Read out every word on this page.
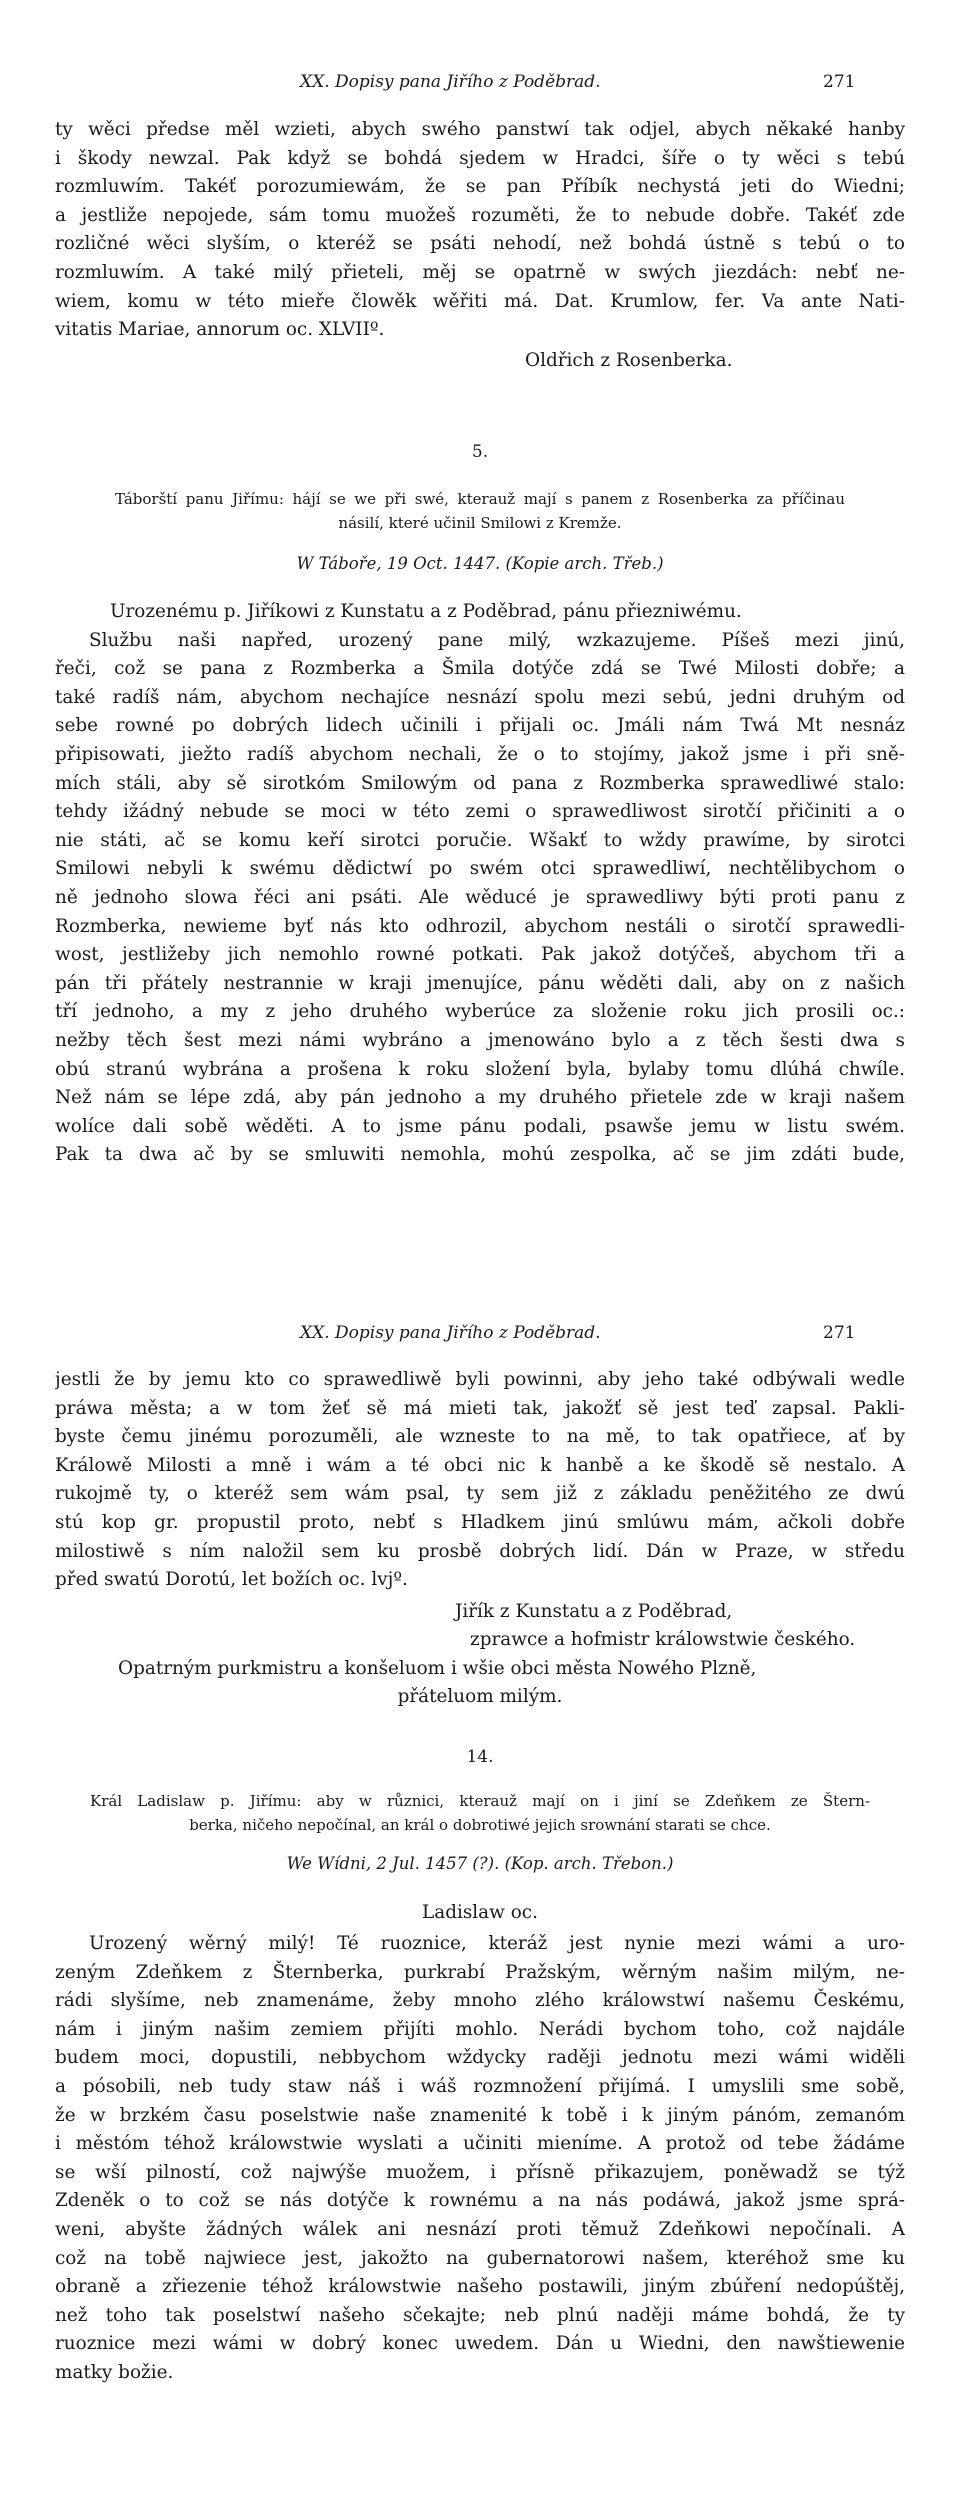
XX. Dopisy pana Jiřího z Poděbrad.	271
ty wěci předse měl wzieti, abych swého panstwí tak odjel, abych někaké hanby
i škody newzal. Pak když se bohdá sjedem w Hradci, šíře o ty wěci s tebú
rozmluwím. Takéť porozumiewám, že se pan Příbík nechystá jeti do Wiedni;
a jestliže nepojede, sám tomu muožeš rozuměti, že to nebude dobře. Takéť zde
rozličné wěci slyším, o kteréž se psáti nehodí, než bohdá ústně s tebú o to
rozmluwím. A také milý přieteli, měj se opatrně w swých jiezdách: nebť ne-
wiem, komu w této mieře člowěk wěřiti má. Dat. Krumlow, fer. Va ante Nati-
vitatis Mariae, annorum oc. XLVIIº.
Oldřich z Rosenberka.
5.
Táborští panu Jiřímu: hájí se we při swé, kterauž mají s panem z Rosenberka za příčinau
násilí, které učinil Smilowi z Kremže.
W Táboře, 19 Oct. 1447. (Kopie arch. Třeb.)
Urozenému p. Jiříkowi z Kunstatu a z Poděbrad, pánu přiezniwému.
Službu naši napřed, urozený pane milý, wzkazujeme. Píšeš mezi jinú,
řeči, což se pana z Rozmberka a Šmila dotýče zdá se Twé Milosti dobře; a
také radíš nám, abychom nechajíce nesnází spolu mezi sebú, jedni druhým od
sebe rowné po dobrých lidech učinili i přijali oc. Jmáli nám Twá Mt nesnáz
připisowati, jiežto radíš abychom nechali, že o to stojímy, jakož jsme i při sně-
mích stáli, aby sě sirotkóm Smilowým od pana z Rozmberka sprawedliwé stalo:
tehdy ižádný nebude se moci w této zemi o sprawedliwost sirotčí přičiniti a o
nie státi, ač se komu keří sirotci poručie. Wšakť to wždy prawíme, by sirotci
Smilowi nebyli k swému dědictwí po swém otci sprawedliwí, nechtělibychom o
ně jednoho slowa řéci ani psáti. Ale wěducé je sprawedliwy býti proti panu z
Rozmberka, newieme byť nás kto odhrozil, abychom nestáli o sirotčí sprawedli-
wost, jestližeby jich nemohlo rowné potkati. Pak jakož dotýčeš, abychom tři a
pán tři přátely nestrannie w kraji jmenujíce, pánu wěděti dali, aby on z našich
tří jednoho, a my z jeho druhého wyberúce za složenie roku jich prosili oc.:
nežby těch šest mezi námi wybráno a jmenowáno bylo a z těch šesti dwa s
obú stranú wybrána a prošena k roku složení byla, bylaby tomu dlúhá chwíle.
Než nám se lépe zdá, aby pán jednoho a my druhého přietele zde w kraji našem
wolíce dali sobě wěděti. A to jsme pánu podali, psawše jemu w listu swém.
Pak ta dwa ač by se smluwiti nemohla, mohú zespolka, ač se jim zdáti bude,
XX. Dopisy pana Jiřího z Poděbrad.	271
jestli že by jemu kto co sprawedliwě byli powinni, aby jeho také odbýwali wedle
práwa města; a w tom žeť sě má mieti tak, jakožť sě jest teď zapsal. Pakli-
byste čemu jinému porozuměli, ale wzneste to na mě, to tak opatřiece, ať by
Králowě Milosti a mně i wám a té obci nic k hanbě a ke škodě sě nestalo. A
rukojmě ty, o kteréž sem wám psal, ty sem již z základu peněžitého ze dwú
stú kop gr. propustil proto, nebť s Hladkem jinú smlúwu mám, ačkoli dobře
milostiwě s ním naložil sem ku prosbě dobrých lidí. Dán w Praze, w středu
před swatú Dorotú, let božích oc. lvjº.
Jiřík z Kunstatu a z Poděbrad,
zprawce a hofmistr králowstwie českého.
Opatrným purkmistru a konšeluom i wšie obci města Nowého Plzně,
přáteluom milým.
14.
Král Ladislaw p. Jiřímu: aby w různici, kterauž mají on i jiní se Zdeňkem ze Štern-
berka, ničeho nepočínal, an král o dobrotiwé jejich srownání starati se chce.
We Wídni, 2 Jul. 1457 (?). (Kop. arch. Třebon.)
Ladislaw oc.
Urozený wěrný milý! Té ruoznice, kteráž jest nynie mezi wámi a uro-
zeným Zdeňkem z Šternberka, purkrabí Pražským, wěrným našim milým, ne-
rádi slyšíme, neb znamenáme, žeby mnoho zlého králowstwí našemu Českému,
nám i jiným našim zemiem přijíti mohlo. Nerádi bychom toho, což najdále
budem moci, dopustili, nebbychom wždycky raději jednotu mezi wámi widěli
a pósobili, neb tudy staw náš i wáš rozmnožení přijímá. I umyslili sme sobě,
že w brzkém času poselstwie naše znamenité k tobě i k jiným pánóm, zemanóm
i městóm téhož králowstwie wyslati a učiniti mieníme. A protož od tebe žádáme
se wší pilností, což najwýše muožem, i přísně přikazujem, poněwadž se týž
Zdeněk o to což se nás dotýče k rownému a na nás podáwá, jakož jsme sprá-
weni, abyšte žádných wálek ani nesnází proti těmuž Zdeňkowi nepočínali. A
což na tobě najwiece jest, jakožto na gubernatorowi našem, kteréhož sme ku
obraně a zřiezenie téhož králowstwie našeho postawili, jiným zbúření nedopúštěj,
než toho tak poselstwí našeho sčekajte; neb plnú naději máme bohdá, že ty
ruoznice mezi wámi w dobrý konec uwedem. Dán u Wiedni, den nawštiewenie
matky božie.
